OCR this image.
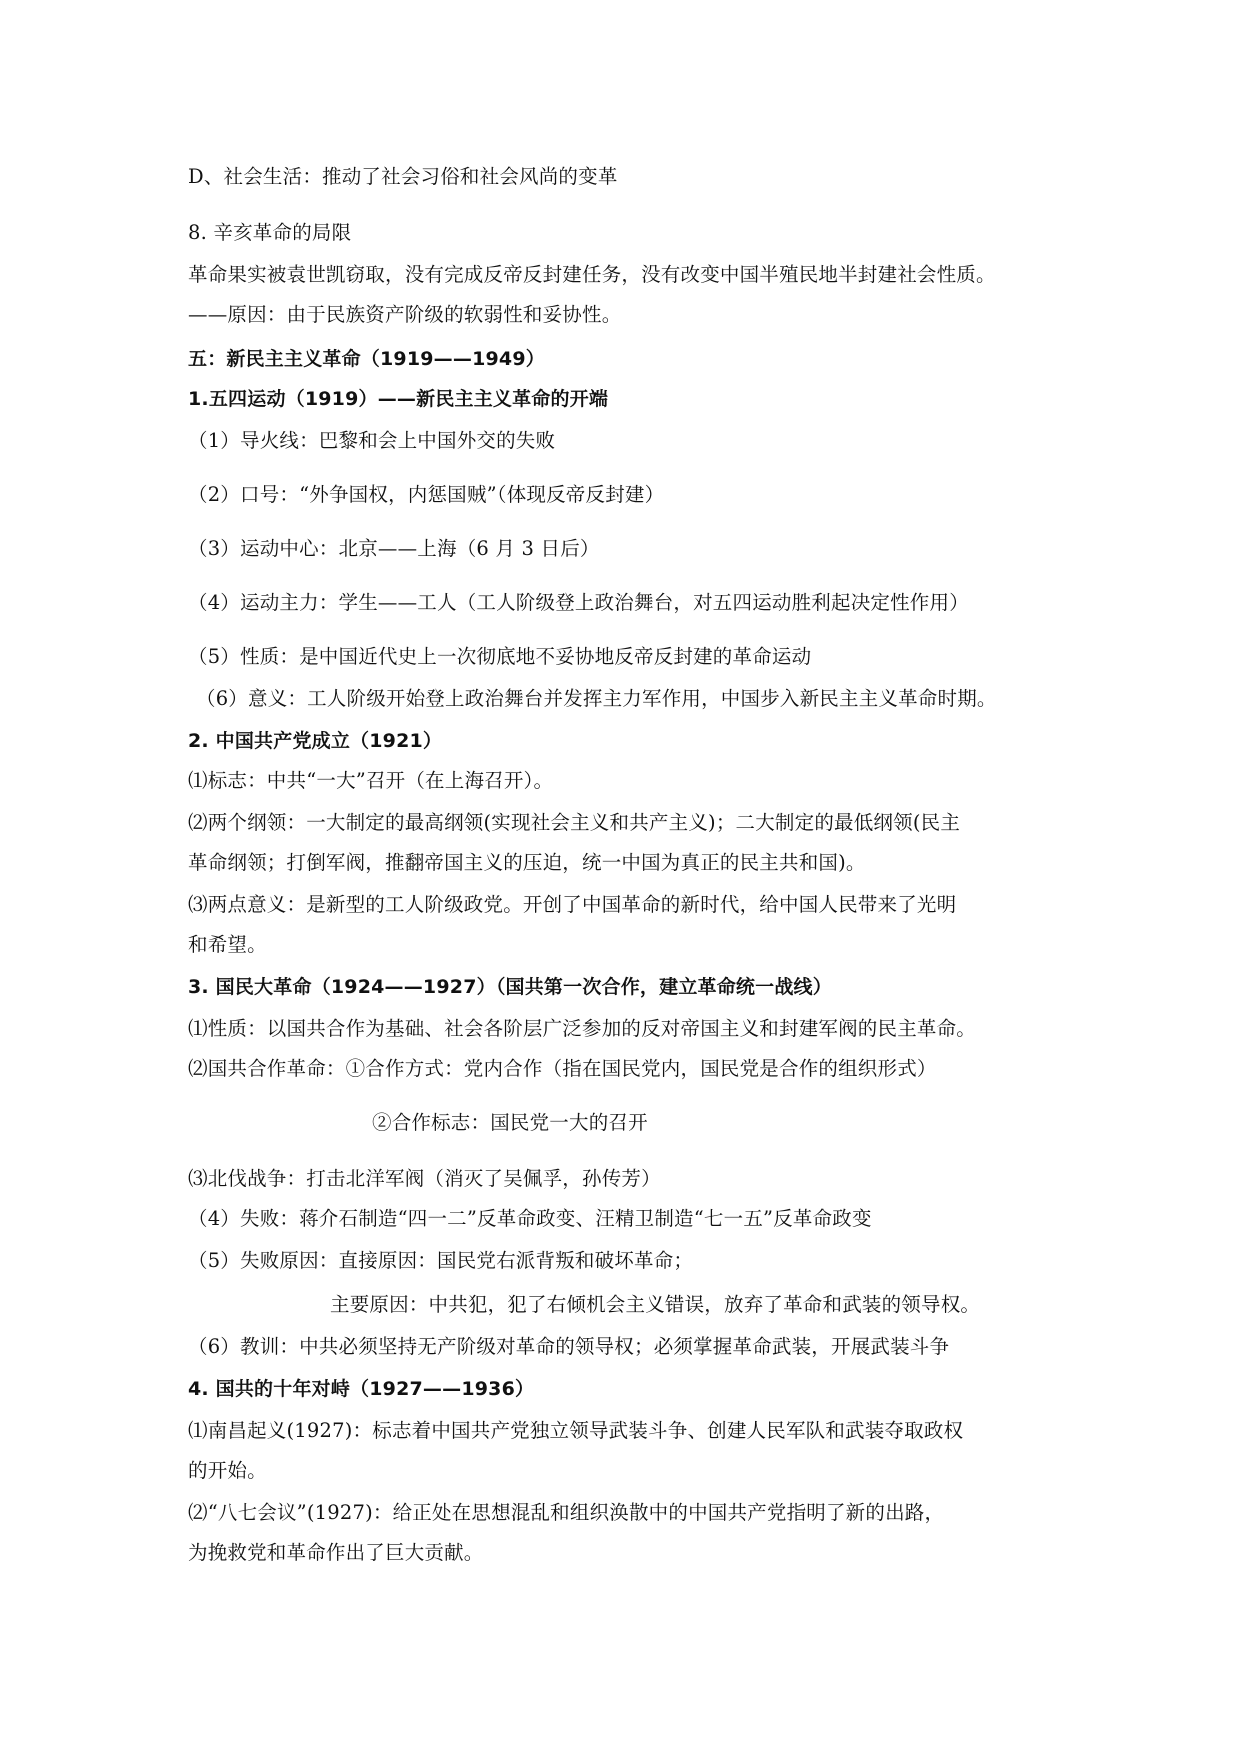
D、社会生活：推动了社会习俗和社会风尚的变革
8. 辛亥革命的局限
革命果实被袁世凯窃取，没有完成反帝反封建任务，没有改变中国半殖民地半封建社会性质。
——原因：由于民族资产阶级的软弱性和妥协性。
五：新民主主义革命（1919——1949）
1.五四运动（1919）——新民主主义革命的开端
（1）导火线：巴黎和会上中国外交的失败
（2）口号：“外争国权，内惩国贼”（体现反帝反封建）
（3）运动中心：北京——上海（6 月 3 日后）
（4）运动主力：学生——工人（工人阶级登上政治舞台，对五四运动胜利起决定性作用）
（5）性质：是中国近代史上一次彻底地不妥协地反帝反封建的革命运动
（6）意义：工人阶级开始登上政治舞台并发挥主力军作用，中国步入新民主主义革命时期。
2. 中国共产党成立（1921）
⑴标志：中共“一大”召开（在上海召开）。
⑵两个纲领：一大制定的最高纲领(实现社会主义和共产主义)；二大制定的最低纲领(民主
革命纲领；打倒军阀，推翻帝国主义的压迫，统一中国为真正的民主共和国)。
⑶两点意义：是新型的工人阶级政党。开创了中国革命的新时代，给中国人民带来了光明
和希望。
3. 国民大革命（1924——1927）（国共第一次合作，建立革命统一战线）
⑴性质：以国共合作为基础、社会各阶层广泛参加的反对帝国主义和封建军阀的民主革命。
⑵国共合作革命：①合作方式：党内合作（指在国民党内，国民党是合作的组织形式）
②合作标志：国民党一大的召开
⑶北伐战争：打击北洋军阀（消灭了吴佩孚，孙传芳）
（4）失败：蒋介石制造“四一二”反革命政变、汪精卫制造“七一五”反革命政变
（5）失败原因：直接原因：国民党右派背叛和破坏革命；
主要原因：中共犯，犯了右倾机会主义错误，放弃了革命和武装的领导权。
（6）教训：中共必须坚持无产阶级对革命的领导权；必须掌握革命武装，开展武装斗争
4. 国共的十年对峙（1927——1936）
⑴南昌起义(1927)：标志着中国共产党独立领导武装斗争、创建人民军队和武装夺取政权
的开始。
⑵“八七会议”(1927)：给正处在思想混乱和组织涣散中的中国共产党指明了新的出路，
为挽救党和革命作出了巨大贡献。
